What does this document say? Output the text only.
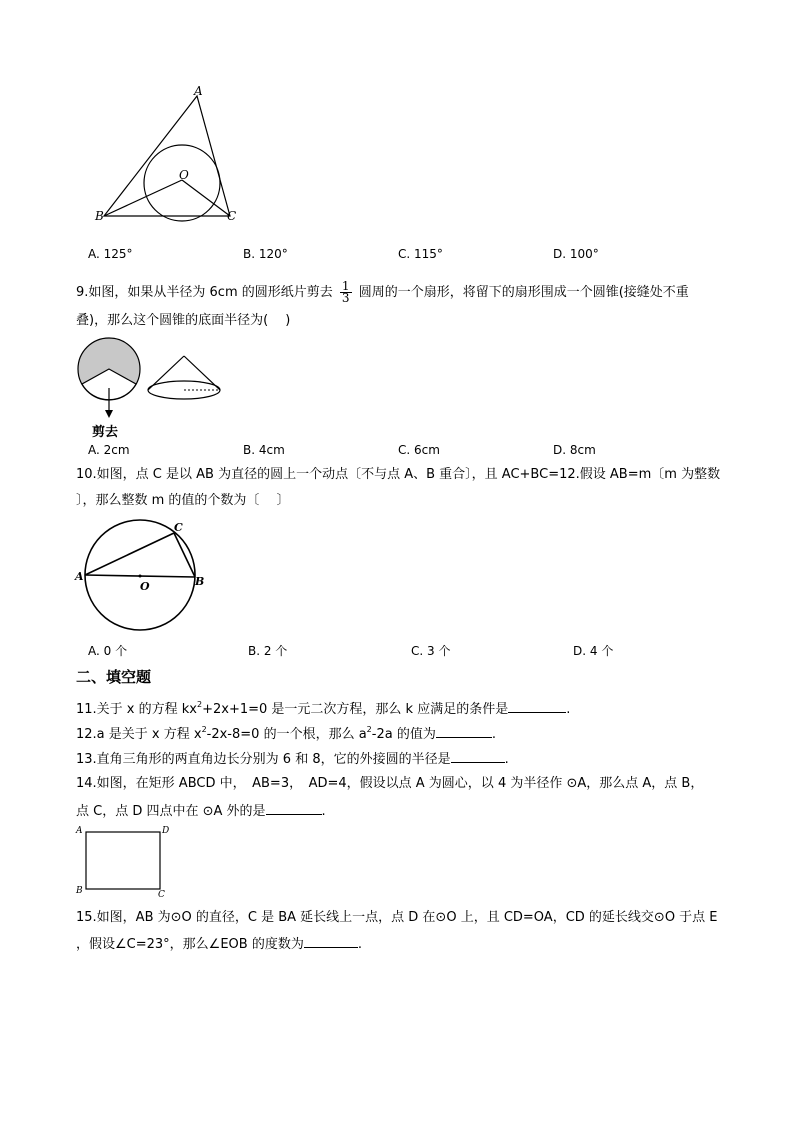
A
B	C
O
A. 125°	B. 120°	C. 115°	D. 100°
9.如图，如果从半径为 6cm 的圆形纸片剪去 $\frac{1}{3}$ 圆周的一个扇形，将留下的扇形围成一个圆锥(接缝处不重
叠)，那么这个圆锥的底面半径为(　 )
剪去
A. 2cm	B. 4cm	C. 6cm	D. 8cm
10.如图，点 C 是以 AB 为直径的圆上一个动点〔不与点 A、B 重合〕，且 AC+BC=12.假设 AB=m〔m 为整数
〕，那么整数 m 的值的个数为〔　 〕
A	B
C
O
A. 0 个	B. 2 个	C. 3 个	D. 4 个
二、填空题
11.关于 x 的方程 $kx^2+2x+1=0$ 是一元二次方程，那么 k 应满足的条件是	.
12.a 是关于 x 方程 $x^2-2x-8=0$ 的一个根，那么 $a^2-2a$ 的值为	.
13.直角三角形的两直角边长分别为 6 和 8，它的外接圆的半径是	.
14.如图，在矩形 ABCD 中，　AB=3，　AD=4，假设以点 A 为圆心，以 4 为半径作 ⊙A，那么点 A，点 B，
点 C，点 D 四点中在 ⊙A 外的是	.
A	D
B	C
15.如图，AB 为⊙O 的直径，C 是 BA 延长线上一点，点 D 在⊙O 上，且 CD=OA，CD 的延长线交⊙O 于点 E
，假设∠C=23°，那么∠EOB 的度数为	.
